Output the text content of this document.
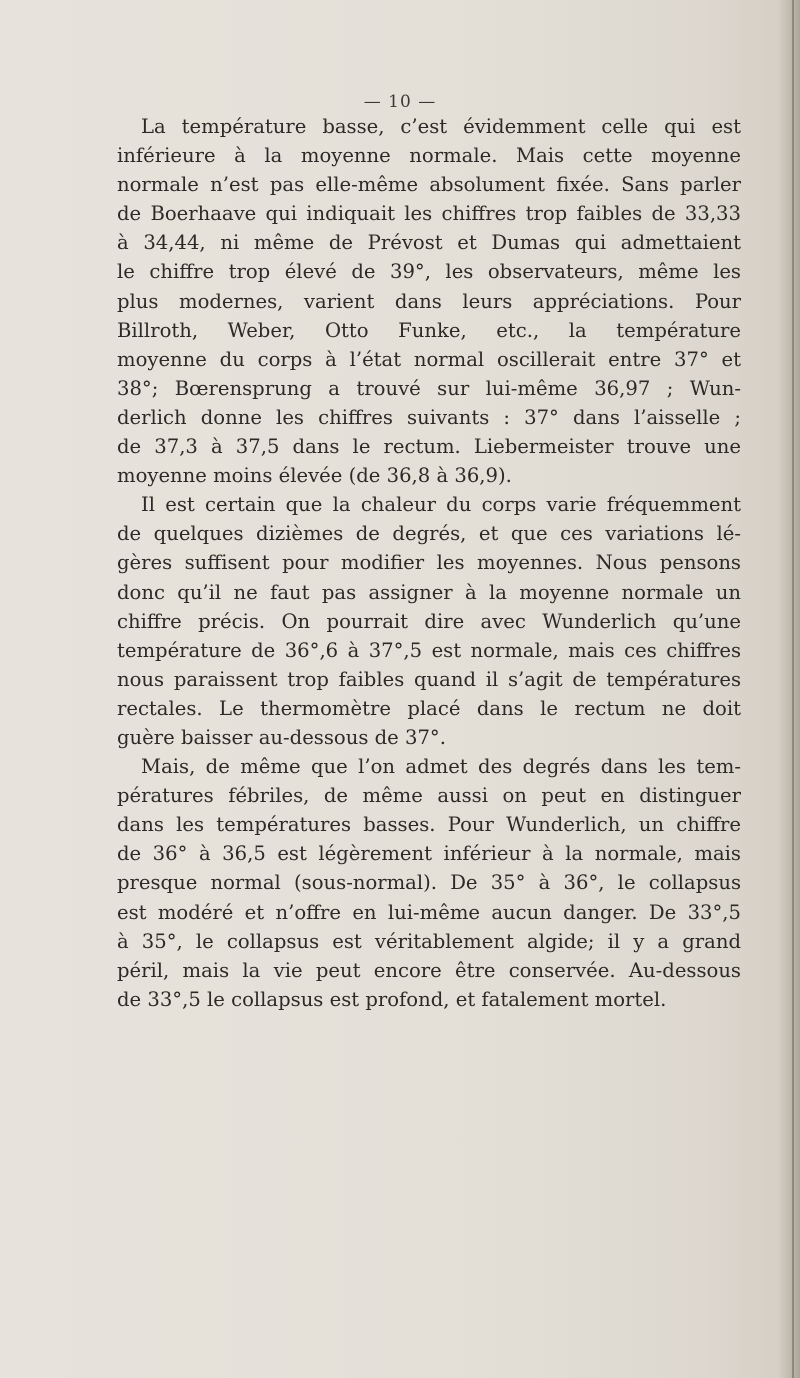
— 10 —
La température basse, c’est évidemment celle qui est
inférieure à la moyenne normale. Mais cette moyenne
normale n’est pas elle-même absolument fixée. Sans parler
de Boerhaave qui indiquait les chiffres trop faibles de 33,33
à 34,44, ni même de Prévost et Dumas qui admettaient
le chiffre trop élevé de 39°, les observateurs, même les
plus modernes, varient dans leurs appréciations. Pour
Billroth, Weber, Otto Funke, etc., la température
moyenne du corps à l’état normal oscillerait entre 37° et
38°; Bœrensprung a trouvé sur lui-même 36,97 ; Wun-
derlich donne les chiffres suivants : 37° dans l’aisselle ;
de 37,3 à 37,5 dans le rectum. Liebermeister trouve une
moyenne moins élevée (de 36,8 à 36,9).
Il est certain que la chaleur du corps varie fréquemment
de quelques dizièmes de degrés, et que ces variations lé-
gères suffisent pour modifier les moyennes. Nous pensons
donc qu’il ne faut pas assigner à la moyenne normale un
chiffre précis. On pourrait dire avec Wunderlich qu’une
température de 36°,6 à 37°,5 est normale, mais ces chiffres
nous paraissent trop faibles quand il s’agit de températures
rectales. Le thermomètre placé dans le rectum ne doit
guère baisser au-dessous de 37°.
Mais, de même que l’on admet des degrés dans les tem-
pératures fébriles, de même aussi on peut en distinguer
dans les températures basses. Pour Wunderlich, un chiffre
de 36° à 36,5 est légèrement inférieur à la normale, mais
presque normal (sous-normal). De 35° à 36°, le collapsus
est modéré et n’offre en lui-même aucun danger. De 33°,5
à 35°, le collapsus est véritablement algide; il y a grand
péril, mais la vie peut encore être conservée. Au-dessous
de 33°,5 le collapsus est profond, et fatalement mortel.
